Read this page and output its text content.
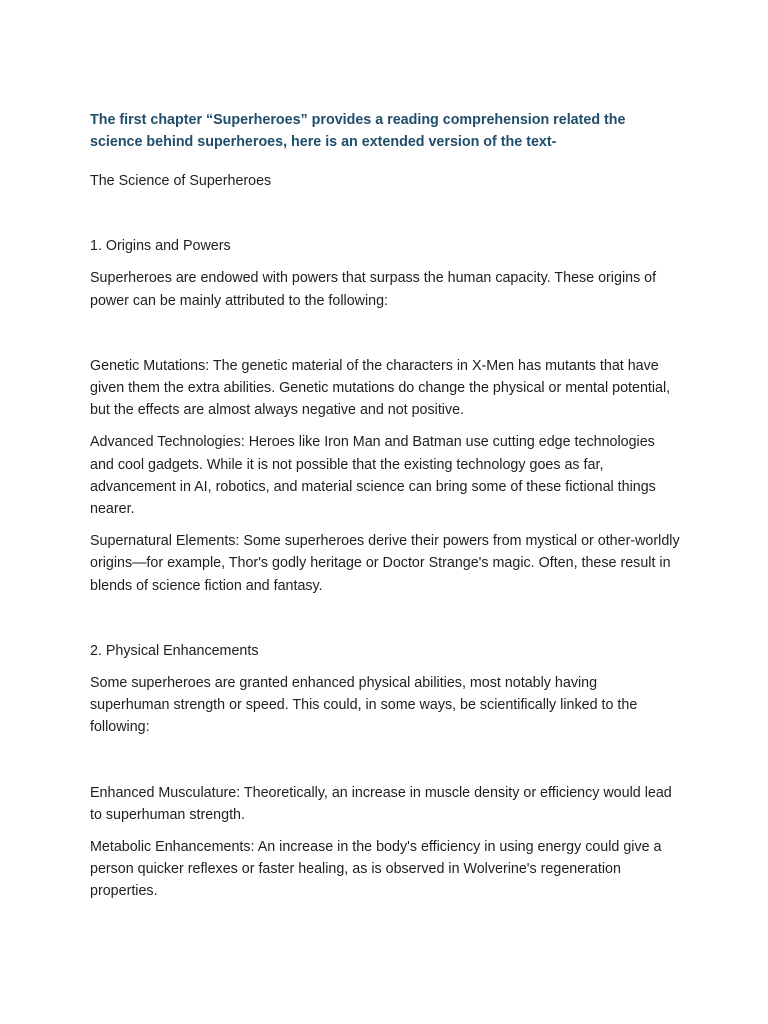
The first chapter “Superheroes” provides a reading comprehension related the science behind superheroes, here is an extended version of the text-

The Science of Superheroes

1. Origins and Powers

Superheroes are endowed with powers that surpass the human capacity. These origins of power can be mainly attributed to the following:

Genetic Mutations: The genetic material of the characters in X-Men has mutants that have given them the extra abilities. Genetic mutations do change the physical or mental potential, but the effects are almost always negative and not positive.

Advanced Technologies: Heroes like Iron Man and Batman use cutting edge technologies and cool gadgets. While it is not possible that the existing technology goes as far, advancement in AI, robotics, and material science can bring some of these fictional things nearer.

Supernatural Elements: Some superheroes derive their powers from mystical or other-worldly origins—for example, Thor's godly heritage or Doctor Strange's magic. Often, these result in blends of science fiction and fantasy.

2. Physical Enhancements

Some superheroes are granted enhanced physical abilities, most notably having superhuman strength or speed. This could, in some ways, be scientifically linked to the following:

Enhanced Musculature: Theoretically, an increase in muscle density or efficiency would lead to superhuman strength.

Metabolic Enhancements: An increase in the body's efficiency in using energy could give a person quicker reflexes or faster healing, as is observed in Wolverine's regeneration properties.
